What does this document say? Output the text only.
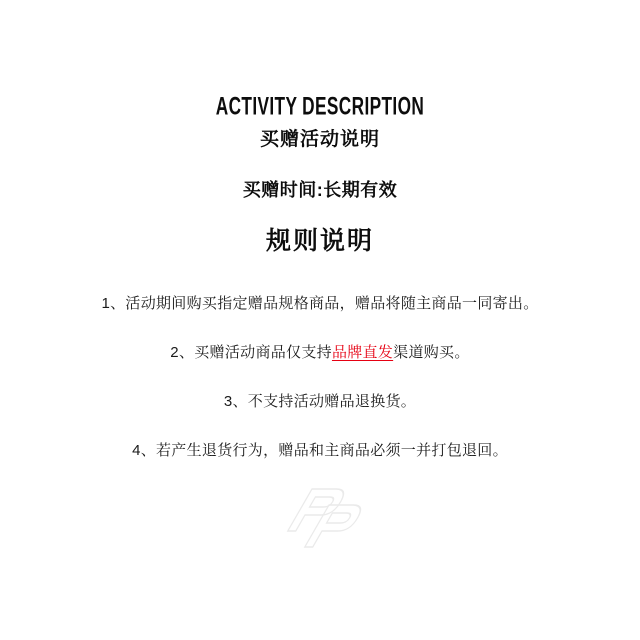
ACTIVITY DESCRIPTION
买赠活动说明
买赠时间:长期有效
规则说明

1、活动期间购买指定赠品规格商品，赠品将随主商品一同寄出。

2、买赠活动商品仅支持品牌直发渠道购买。

3、不支持活动赠品退换货。

4、若产生退货行为，赠品和主商品必须一并打包退回。
